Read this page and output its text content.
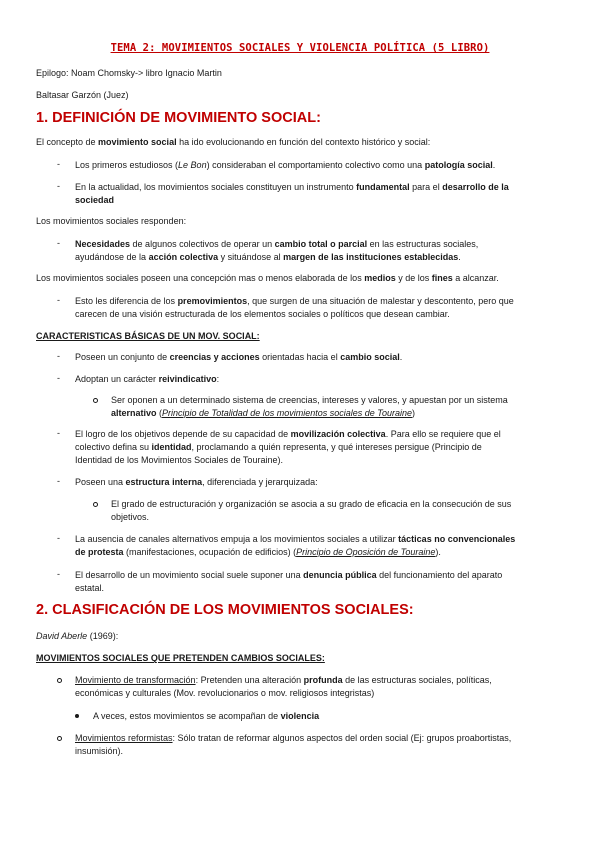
TEMA 2: MOVIMIENTOS SOCIALES Y VIOLENCIA POLÍTICA (5 LIBRO)
Epilogo: Noam Chomsky-> libro Ignacio Martin
Baltasar Garzón (Juez)
1. DEFINICIÓN DE MOVIMIENTO SOCIAL:
El concepto de movimiento social ha ido evolucionando en función del contexto histórico y social:
- Los primeros estudiosos (Le Bon) consideraban el comportamiento colectivo como una patología social.
- En la actualidad, los movimientos sociales constituyen un instrumento fundamental para el desarrollo de la
sociedad
Los movimientos sociales responden:
- Necesidades de algunos colectivos de operar un cambio total o parcial en las estructuras sociales,
ayudándose de la acción colectiva y situándose al margen de las instituciones establecidas.
Los movimientos sociales poseen una concepción mas o menos elaborada de los medios y de los fines a alcanzar.
- Esto les diferencia de los premovimientos, que surgen de una situación de malestar y descontento, pero que
carecen de una visión estructurada de los elementos sociales o políticos que desean cambiar.
CARACTERISTICAS BÁSICAS DE UN MOV. SOCIAL:
- Poseen un conjunto de creencias y acciones orientadas hacia el cambio social.
- Adoptan un carácter reivindicativo:
Ser oponen a un determinado sistema de creencias, intereses y valores, y apuestan por un sistema
alternativo (Principio de Totalidad de los movimientos sociales de Touraine)
- El logro de los objetivos depende de su capacidad de movilización colectiva. Para ello se requiere que el
colectivo defina su identidad, proclamando a quién representa, y qué intereses persigue (Principio de
Identidad de los Movimientos Sociales de Touraine).
- Poseen una estructura interna, diferenciada y jerarquizada:
El grado de estructuración y organización se asocia a su grado de eficacia en la consecución de sus
objetivos.
- La ausencia de canales alternativos empuja a los movimientos sociales a utilizar tácticas no convencionales
de protesta (manifestaciones, ocupación de edificios) (Principio de Oposición de Touraine).
- El desarrollo de un movimiento social suele suponer una denuncia pública del funcionamiento del aparato
estatal.
2. CLASIFICACIÓN DE LOS MOVIMIENTOS SOCIALES:
David Aberle (1969):
MOVIMIENTOS SOCIALES QUE PRETENDEN CAMBIOS SOCIALES:
Movimiento de transformación: Pretenden una alteración profunda de las estructuras sociales, políticas,
económicas y culturales (Mov. revolucionarios o mov. religiosos integristas)
A veces, estos movimientos se acompañan de violencia
Movimientos reformistas: Sólo tratan de reformar algunos aspectos del orden social (Ej: grupos proabortistas,
insumisión).
